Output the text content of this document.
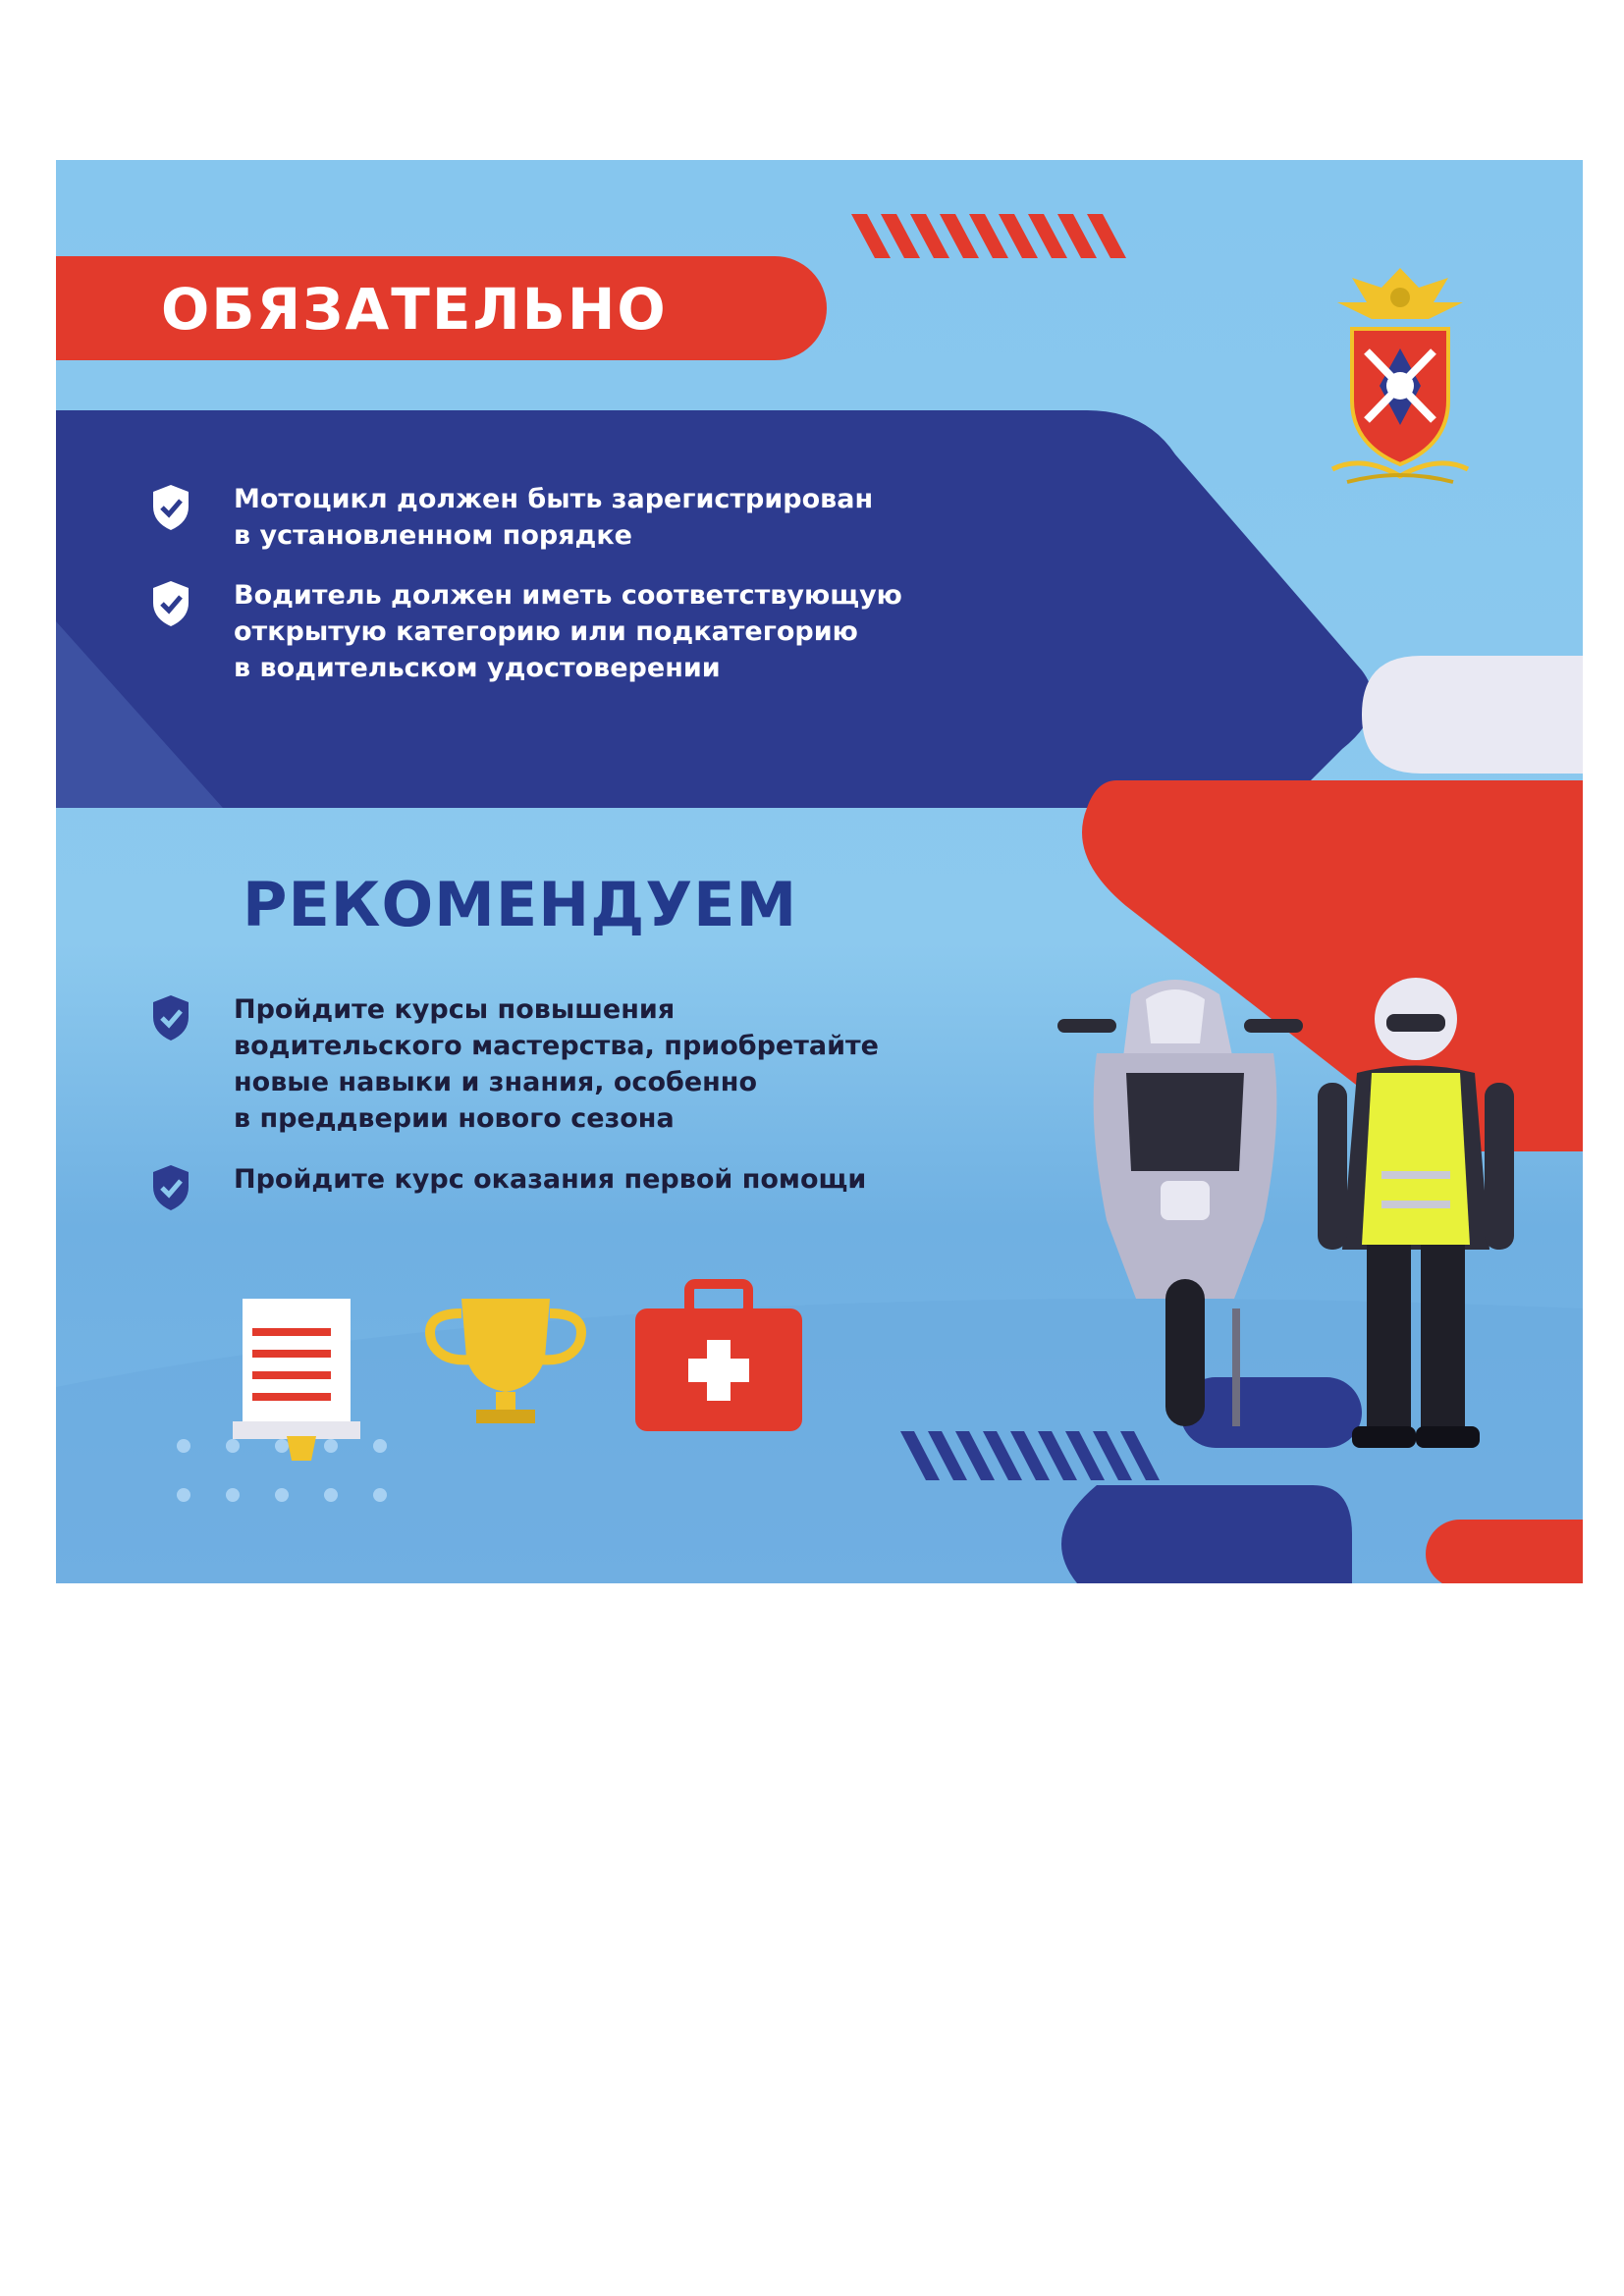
ОБЯЗАТЕЛЬНО
Мотоцикл должен быть зарегистрирован
в установленном порядке
Водитель должен иметь соответствующую
открытую категорию или подкатегорию
в водительском удостоверении
РЕКОМЕНДУЕМ
Пройдите курсы повышения
водительского мастерства, приобретайте
новые навыки и знания, особенно
в преддверии нового сезона
Пройдите курс оказания первой помощи
